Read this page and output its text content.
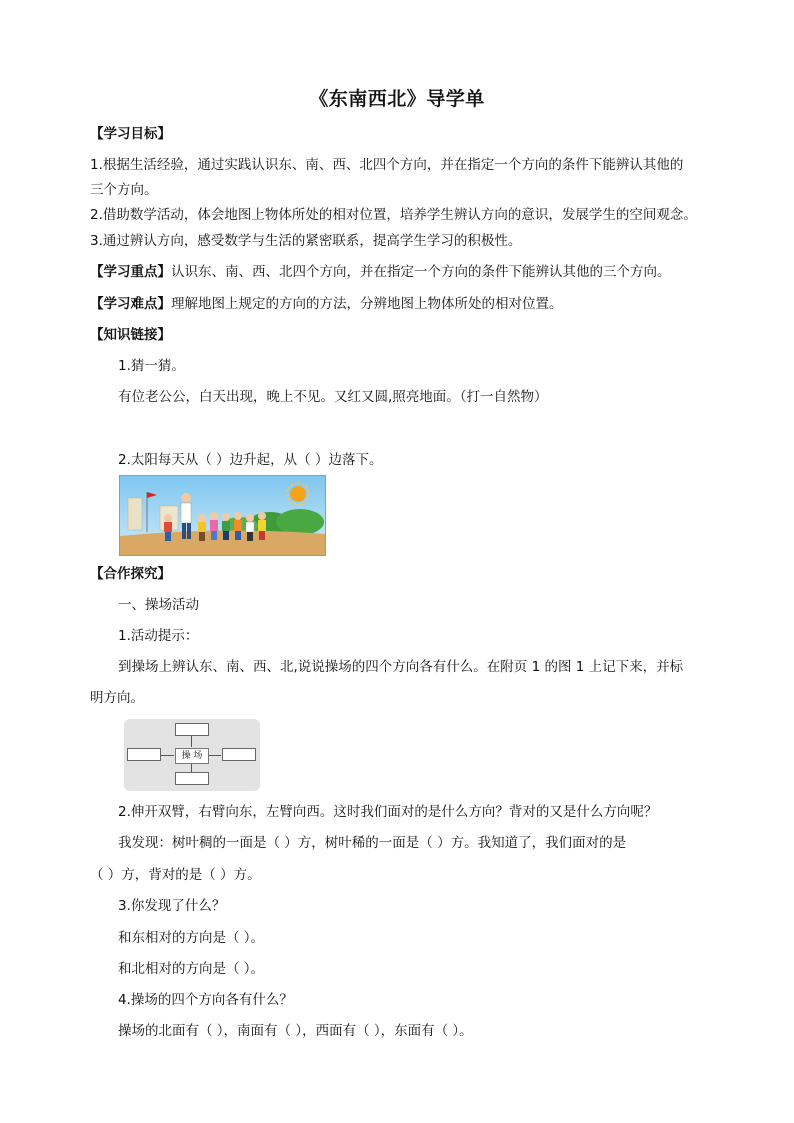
《东南西北》导学单
【学习目标】
1.根据生活经验，通过实践认识东、南、西、北四个方向，并在指定一个方向的条件下能辨认其他的
三个方向。
2.借助数学活动，体会地图上物体所处的相对位置，培养学生辨认方向的意识，发展学生的空间观念。
3.通过辨认方向，感受数学与生活的紧密联系，提高学生学习的积极性。
【学习重点】认识东、南、西、北四个方向，并在指定一个方向的条件下能辨认其他的三个方向。
【学习难点】理解地图上规定的方向的方法，分辨地图上物体所处的相对位置。
【知识链接】
1.猜一猜。
有位老公公，白天出现，晚上不见。又红又圆,照亮地面。（打一自然物）
2.太阳每天从（ ）边升起，从（ ）边落下。
【合作探究】
一、操场活动
1.活动提示：
到操场上辨认东、南、西、北,说说操场的四个方向各有什么。在附页 1 的图 1 上记下来，并标
明方向。
操 场
2.伸开双臂，右臂向东，左臂向西。这时我们面对的是什么方向？背对的又是什么方向呢？
我发现：树叶稠的一面是（ ）方，树叶稀的一面是（ ）方。我知道了，我们面对的是
（ ）方，背对的是（ ）方。
3.你发现了什么？
和东相对的方向是（ ）。
和北相对的方向是（ ）。
4.操场的四个方向各有什么？
操场的北面有（ ），南面有（ ），西面有（ ），东面有（ ）。
